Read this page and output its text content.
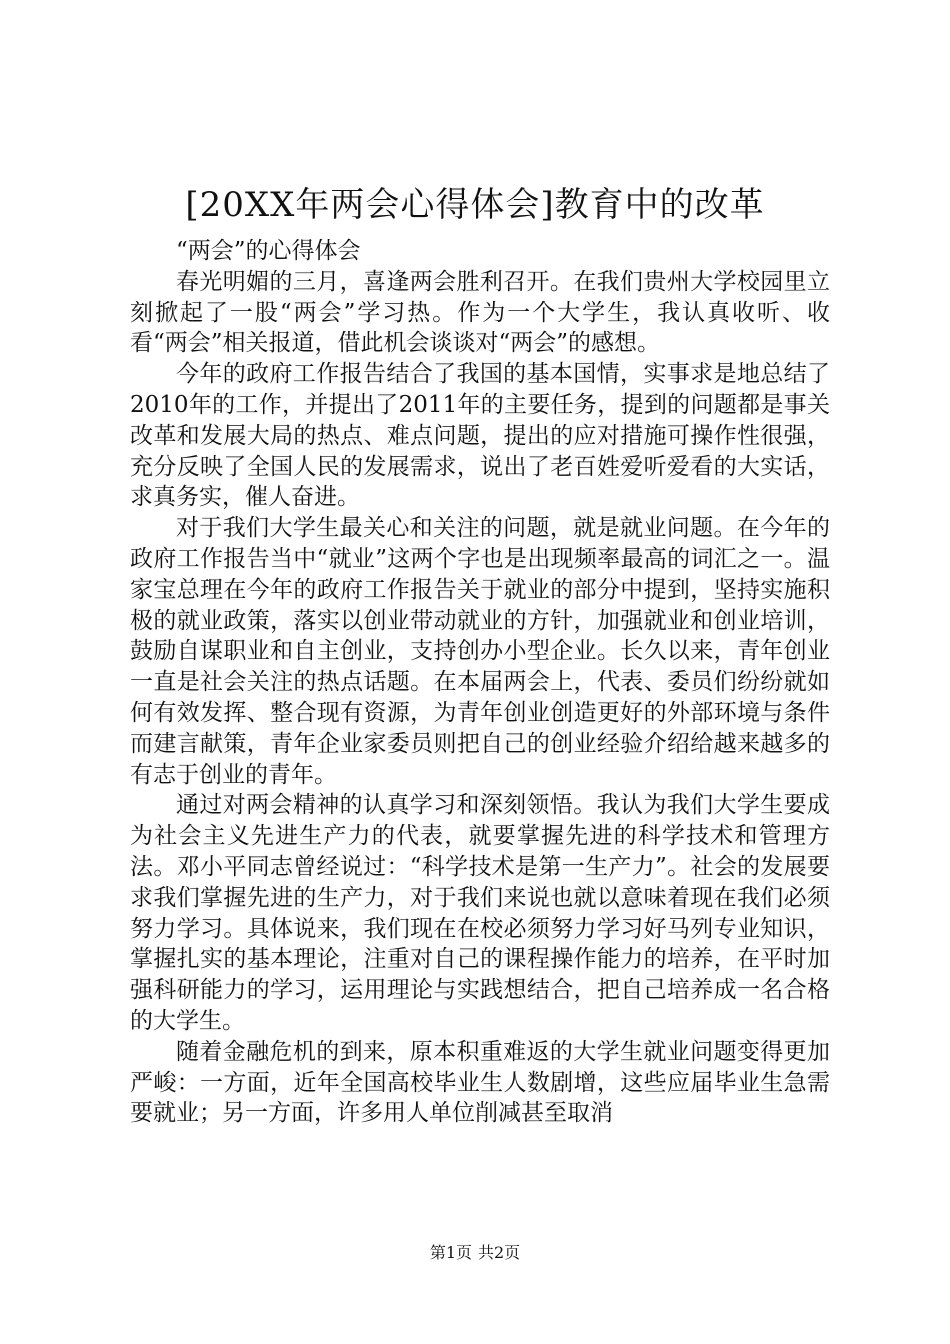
[20XX年两会心得体会]教育中的改革

“两会”的心得体会

春光明媚的三月，喜逢两会胜利召开。在我们贵州大学校园里立刻掀起了一股“两会”学习热。作为一个大学生，我认真收听、收看“两会”相关报道，借此机会谈谈对“两会”的感想。

今年的政府工作报告结合了我国的基本国情，实事求是地总结了2010年的工作，并提出了2011年的主要任务，提到的问题都是事关改革和发展大局的热点、难点问题，提出的应对措施可操作性很强，充分反映了全国人民的发展需求，说出了老百姓爱听爱看的大实话，求真务实，催人奋进。

对于我们大学生最关心和关注的问题，就是就业问题。在今年的政府工作报告当中“就业”这两个字也是出现频率最高的词汇之一。温家宝总理在今年的政府工作报告关于就业的部分中提到，坚持实施积极的就业政策，落实以创业带动就业的方针，加强就业和创业培训，鼓励自谋职业和自主创业，支持创办小型企业。长久以来，青年创业一直是社会关注的热点话题。在本届两会上，代表、委员们纷纷就如何有效发挥、整合现有资源，为青年创业创造更好的外部环境与条件而建言献策，青年企业家委员则把自己的创业经验介绍给越来越多的有志于创业的青年。

通过对两会精神的认真学习和深刻领悟。我认为我们大学生要成为社会主义先进生产力的代表，就要掌握先进的科学技术和管理方法。邓小平同志曾经说过：“科学技术是第一生产力”。社会的发展要求我们掌握先进的生产力，对于我们来说也就以意味着现在我们必须努力学习。具体说来，我们现在在校必须努力学习好马列专业知识，掌握扎实的基本理论，注重对自己的课程操作能力的培养，在平时加强科研能力的学习，运用理论与实践想结合，把自己培养成一名合格的大学生。

随着金融危机的到来，原本积重难返的大学生就业问题变得更加严峻：一方面，近年全国高校毕业生人数剧增，这些应届毕业生急需要就业；另一方面，许多用人单位削减甚至取消

第1页 共2页
